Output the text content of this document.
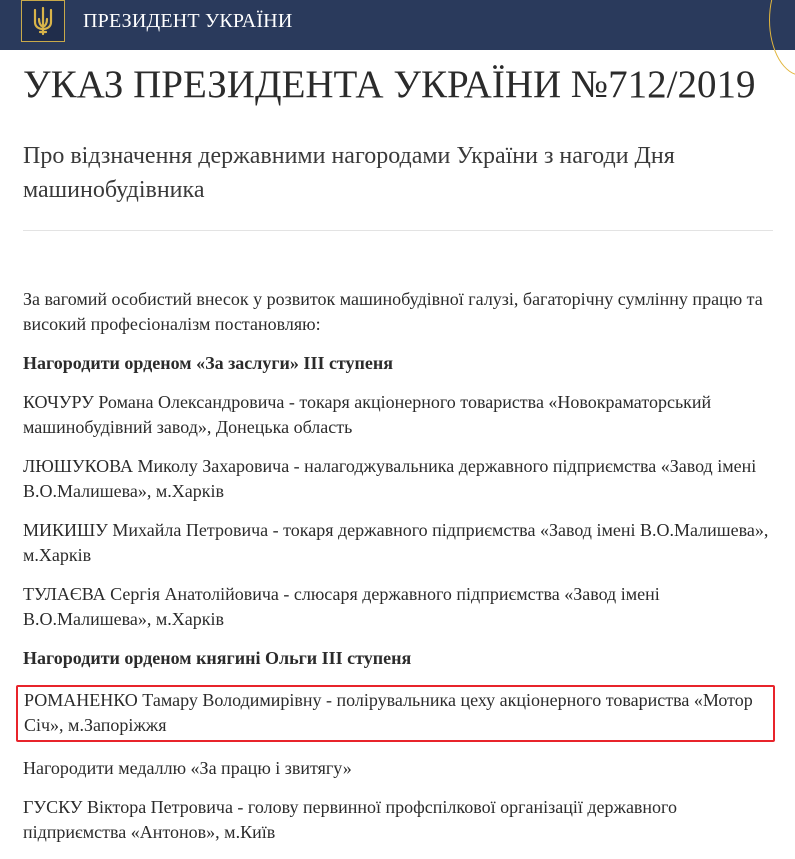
ПРЕЗИДЕНТ УКРАЇНИ
УКАЗ ПРЕЗИДЕНТА УКРАЇНИ №712/2019

Про відзначення державними нагородами України з нагоди Дня машинобудівника

За вагомий особистий внесок у розвиток машинобудівної галузі, багаторічну сумлінну працю та високий професіоналізм постановляю:

Нагородити орденом «За заслуги» III ступеня

КОЧУРУ Романа Олександровича - токаря акціонерного товариства «Новокраматорський машинобудівний завод», Донецька область

ЛЮШУКОВА Миколу Захаровича - налагоджувальника державного підприємства «Завод імені В.О.Малишева», м.Харків

МИКИШУ Михайла Петровича - токаря державного підприємства «Завод імені В.О.Малишева», м.Харків

ТУЛАЄВА Сергія Анатолійовича - слюсаря державного підприємства «Завод імені В.О.Малишева», м.Харків

Нагородити орденом княгині Ольги III ступеня

РОМАНЕНКО Тамару Володимирівну - полірувальника цеху акціонерного товариства «Мотор Січ», м.Запоріжжя

Нагородити медаллю «За працю і звитягу»

ГУСКУ Віктора Петровича - голову первинної профспілкової організації державного підприємства «Антонов», м.Київ
